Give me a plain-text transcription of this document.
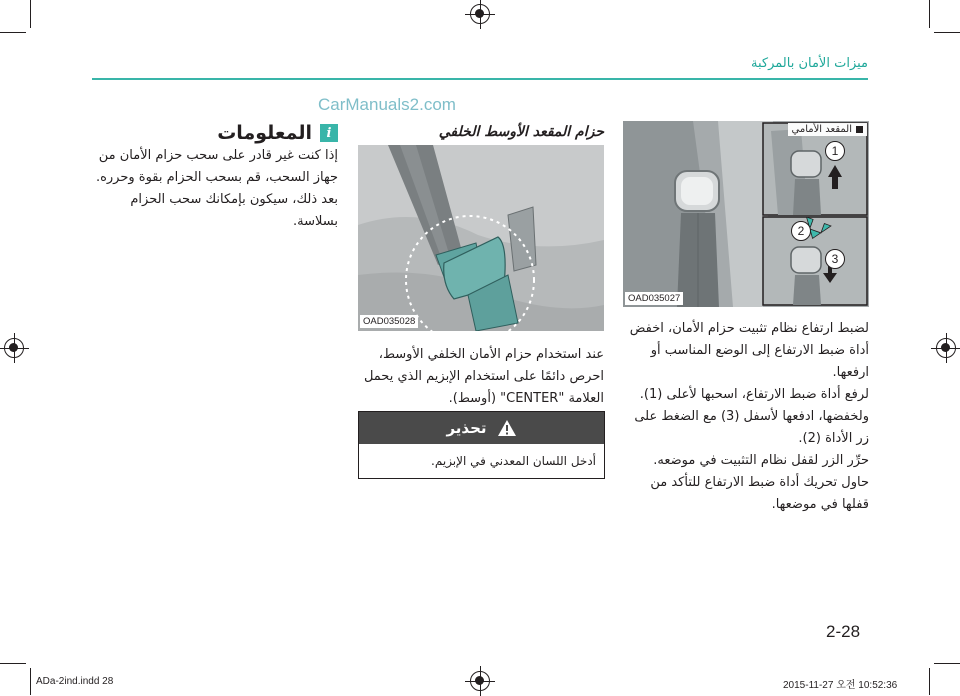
ميزات الأمان بالمركبة
CarManuals2.com
المقعد الأمامي
1
2
3
OAD035027
لضبط ارتفاع نظام تثبيت حزام الأمان، اخفض أداة ضبط الارتفاع إلى الوضع المناسب أو ارفعها.
لرفع أداة ضبط الارتفاع، اسحبها لأعلى (1).
ولخفضها، ادفعها لأسفل (3) مع الضغط على زر الأداة (2).
حرِّر الزر لقفل نظام التثبيت في موضعه. حاول تحريك أداة ضبط الارتفاع للتأكد من قفلها في موضعها.
حزام المقعد الأوسط الخلفي
OAD035028
عند استخدام حزام الأمان الخلفي الأوسط، احرص دائمًا على استخدام الإبزيم الذي يحمل العلامة "CENTER" (أوسط).
تحذير
أدخل اللسان المعدني في الإبزيم.
المعلومات	i
إذا كنت غير قادر على سحب حزام الأمان من جهاز السحب، قم بسحب الحزام بقوة وحرره. بعد ذلك، سيكون بإمكانك سحب الحزام بسلاسة.
2-28
ADa-2ind.indd 28	2015-11-27 오전 10:52:36
